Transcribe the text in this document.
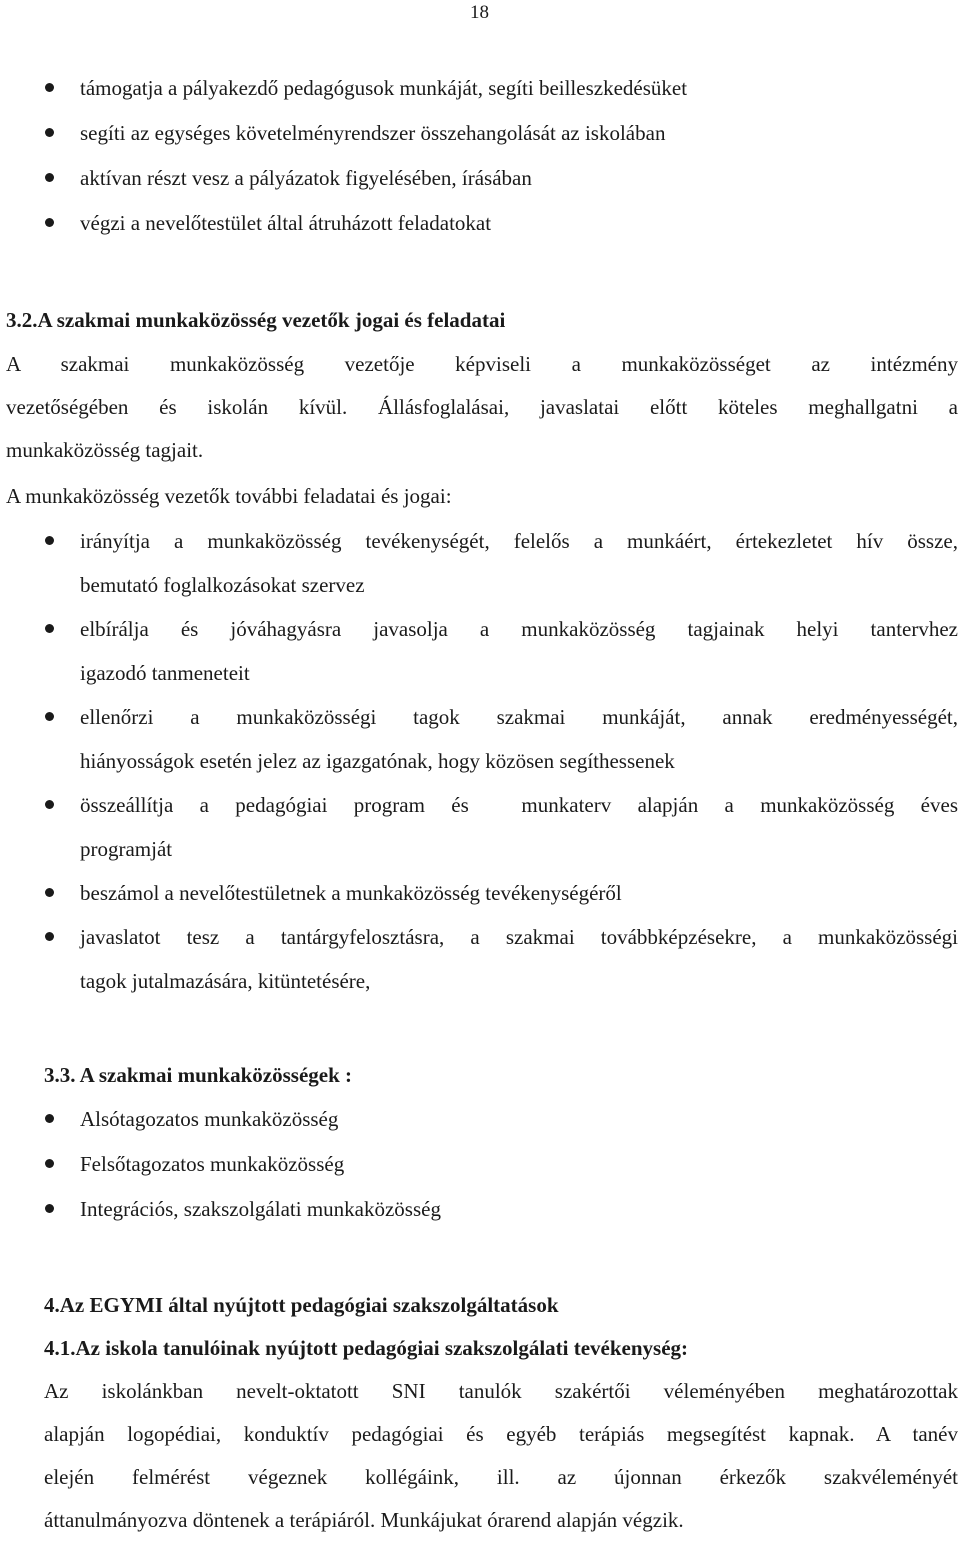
18
támogatja a pályakezdő pedagógusok munkáját, segíti beilleszkedésüket
segíti az egységes követelményrendszer összehangolását az iskolában
aktívan részt vesz a pályázatok figyelésében, írásában
végzi a nevelőtestület által átruházott feladatokat
3.2.A szakmai munkaközösség vezetők jogai és feladatai
A szakmai munkaközösség vezetője képviseli a munkaközösséget az intézmény
vezetőségében és iskolán kívül. Állásfoglalásai, javaslatai előtt köteles meghallgatni a
munkaközösség tagjait.
A munkaközösség vezetők további feladatai és jogai:
irányítja a munkaközösség tevékenységét, felelős a munkáért, értekezletet hív össze,
bemutató foglalkozásokat szervez
elbírálja és jóváhagyásra javasolja a munkaközösség tagjainak helyi tantervhez
igazodó tanmeneteit
ellenőrzi a munkaközösségi tagok szakmai munkáját, annak eredményességét,
hiányosságok esetén jelez az igazgatónak, hogy közösen segíthessenek
összeállítja a pedagógiai program és  munkaterv alapján a munkaközösség éves
programját
beszámol a nevelőtestületnek a munkaközösség tevékenységéről
javaslatot tesz a tantárgyfelosztásra, a szakmai továbbképzésekre, a munkaközösségi
tagok jutalmazására, kitüntetésére,
3.3. A szakmai munkaközösségek :
Alsótagozatos munkaközösség
Felsőtagozatos munkaközösség
Integrációs, szakszolgálati munkaközösség
4.Az EGYMI által nyújtott pedagógiai szakszolgáltatások
4.1.Az iskola tanulóinak nyújtott pedagógiai szakszolgálati tevékenység:
Az iskolánkban nevelt-oktatott SNI tanulók szakértői véleményében meghatározottak
alapján logopédiai, konduktív pedagógiai és egyéb terápiás megsegítést kapnak. A tanév
elején felmérést végeznek kollégáink, ill. az újonnan érkezők szakvéleményét
áttanulmányozva döntenek a terápiáról. Munkájukat órarend alapján végzik.
